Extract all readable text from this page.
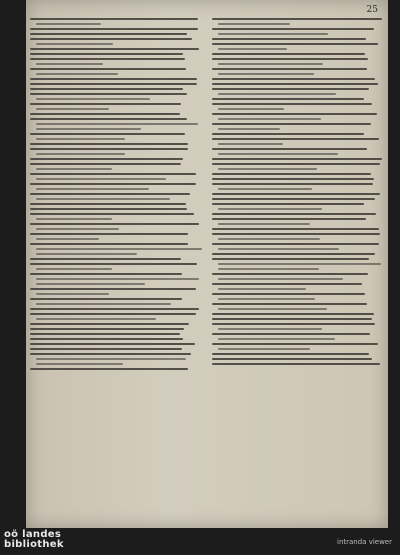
25
oö landes
bibliothek	intranda viewer
